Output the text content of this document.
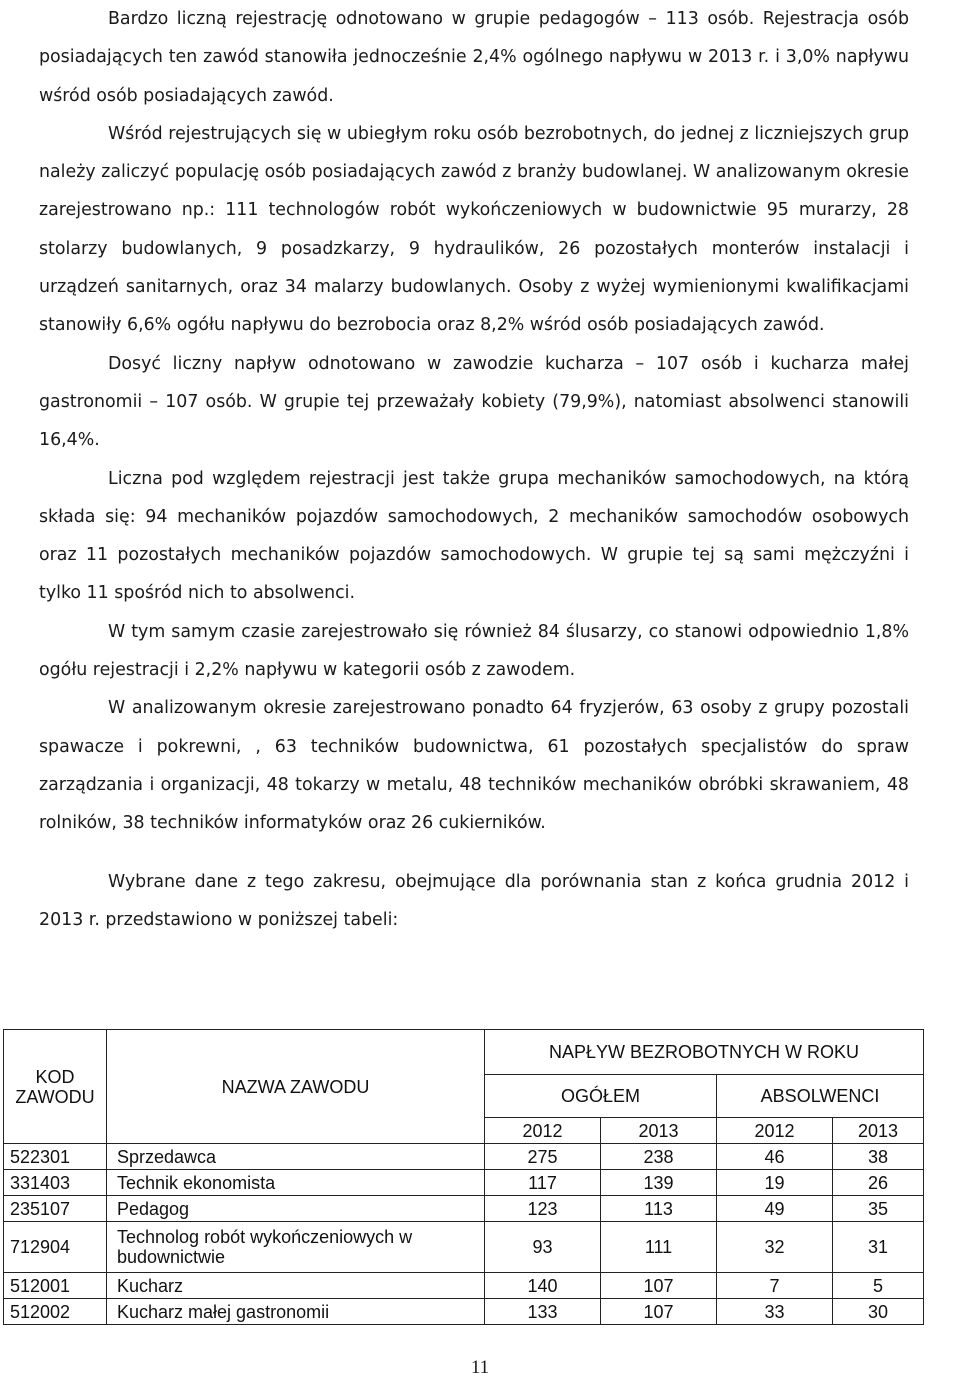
Bardzo liczną rejestrację odnotowano w grupie pedagogów – 113 osób. Rejestracja osób posiadających ten zawód stanowiła jednocześnie 2,4% ogólnego napływu w 2013 r. i 3,0% napływu wśród osób posiadających zawód.

Wśród rejestrujących się w ubiegłym roku osób bezrobotnych, do jednej z liczniejszych grup należy zaliczyć populację osób posiadających zawód z branży budowlanej. W analizowanym okresie zarejestrowano np.: 111 technologów robót wykończeniowych w budownictwie 95 murarzy, 28 stolarzy budowlanych, 9 posadzkarzy, 9 hydraulików, 26 pozostałych monterów instalacji i urządzeń sanitarnych, oraz 34 malarzy budowlanych. Osoby z wyżej wymienionymi kwalifikacjami stanowiły 6,6% ogółu napływu do bezrobocia oraz 8,2% wśród osób posiadających zawód.

Dosyć liczny napływ odnotowano w zawodzie kucharza – 107 osób i kucharza małej gastronomii – 107 osób. W grupie tej przeważały kobiety (79,9%), natomiast absolwenci stanowili 16,4%.

Liczna pod względem rejestracji jest także grupa mechaników samochodowych, na którą składa się: 94 mechaników pojazdów samochodowych, 2 mechaników samochodów osobowych oraz 11 pozostałych mechaników pojazdów samochodowych. W grupie tej są sami mężczyźni i tylko 11 spośród nich to absolwenci.

W tym samym czasie zarejestrowało się również 84 ślusarzy, co stanowi odpowiednio 1,8% ogółu rejestracji i 2,2% napływu w kategorii osób z zawodem.

W analizowanym okresie zarejestrowano ponadto 64 fryzjerów, 63 osoby z grupy pozostali spawacze i pokrewni, , 63 techników budownictwa, 61 pozostałych specjalistów do spraw zarządzania i organizacji, 48 tokarzy w metalu, 48 techników mechaników obróbki skrawaniem, 48 rolników, 38 techników informatyków oraz 26 cukierników.

Wybrane dane z tego zakresu, obejmujące dla porównania stan z końca grudnia 2012 i 2013 r. przedstawiono w poniższej tabeli:

KOD ZAWODU	NAZWA ZAWODU	NAPŁYW BEZROBOTNYCH W ROKU			
		OGÓŁEM		ABSOLWENCI	
		2012	2013	2012	2013
522301	Sprzedawca	275	238	46	38
331403	Technik ekonomista	117	139	19	26
235107	Pedagog	123	113	49	35
712904	Technolog robót wykończeniowych w budownictwie	93	111	32	31
512001	Kucharz	140	107	7	5
512002	Kucharz małej gastronomii	133	107	33	30
11
